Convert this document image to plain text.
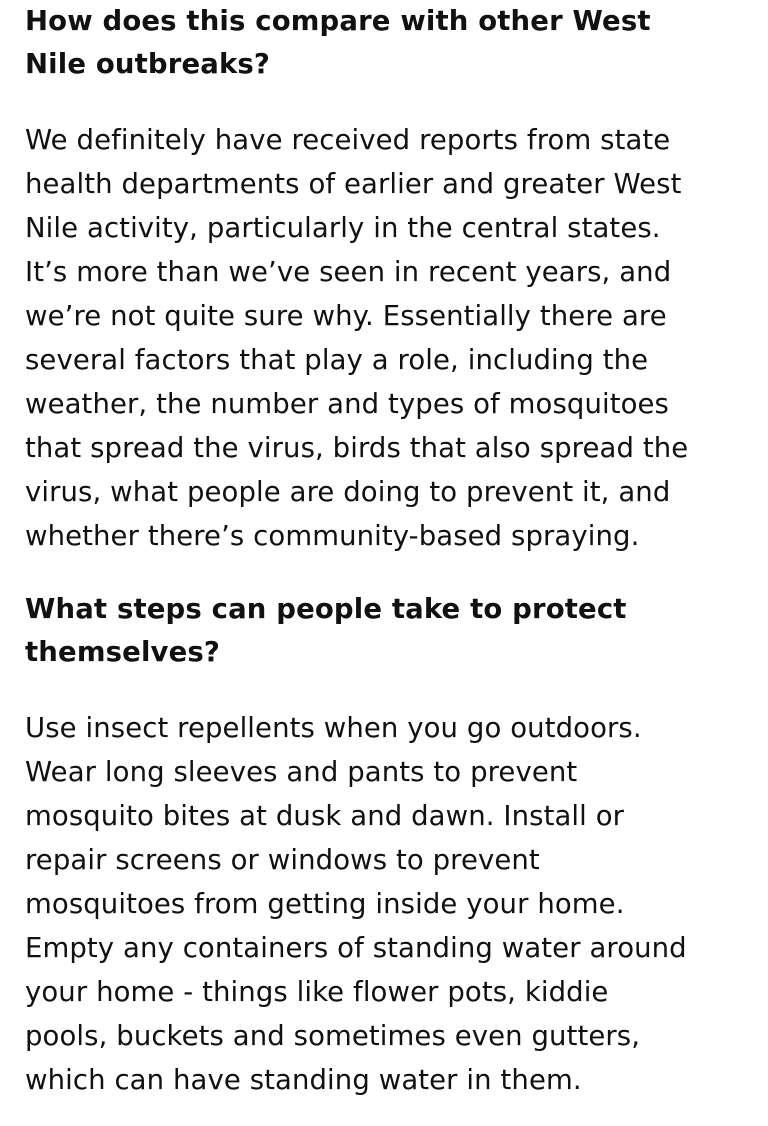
How does this compare with other West
Nile outbreaks?

We definitely have received reports from state
health departments of earlier and greater West
Nile activity, particularly in the central states.
It’s more than we’ve seen in recent years, and
we’re not quite sure why. Essentially there are
several factors that play a role, including the
weather, the number and types of mosquitoes
that spread the virus, birds that also spread the
virus, what people are doing to prevent it, and
whether there’s community-based spraying.

What steps can people take to protect
themselves?

Use insect repellents when you go outdoors.
Wear long sleeves and pants to prevent
mosquito bites at dusk and dawn. Install or
repair screens or windows to prevent
mosquitoes from getting inside your home.
Empty any containers of standing water around
your home - things like flower pots, kiddie
pools, buckets and sometimes even gutters,
which can have standing water in them.
